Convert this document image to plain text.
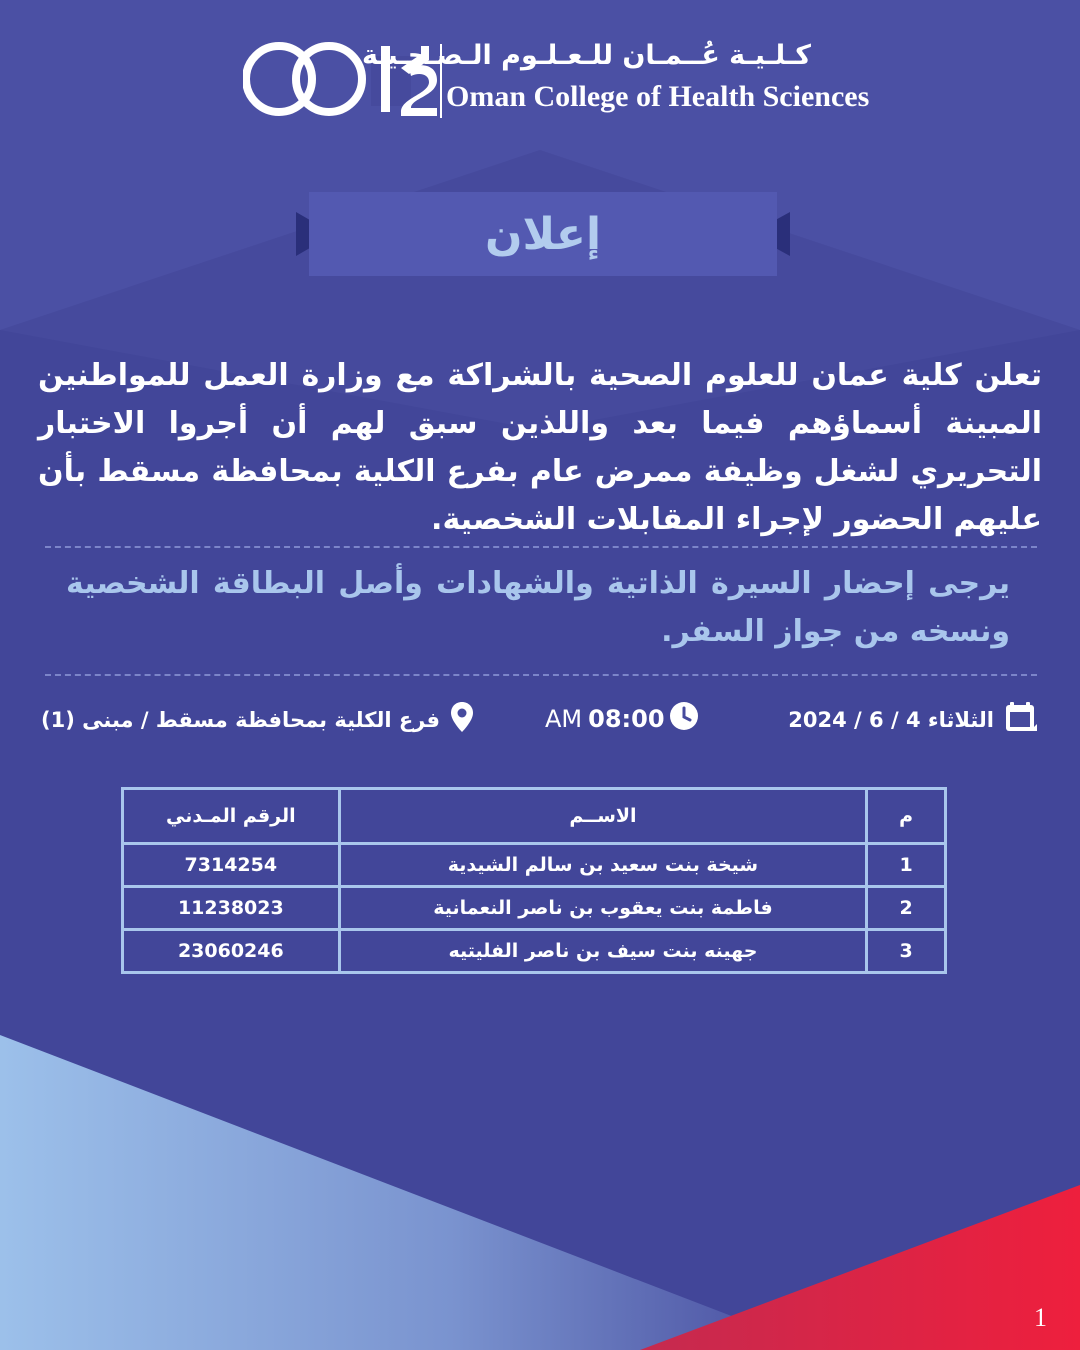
كـلـيـة عُــمـان للـعـلـوم الـصـحـيـة
Oman College of Health Sciences
إعلان
تعلن كلية عمان للعلوم الصحية بالشراكة مع وزارة العمل للمواطنين المبينة أسماؤهم فيما بعد واللذين سبق لهم أن أجروا الاختبار التحريري لشغل وظيفة ممرض عام بفرع الكلية بمحافظة مسقط بأن عليهم الحضور لإجراء المقابلات الشخصية.
يرجى إحضار السيرة الذاتية والشهادات وأصل البطاقة الشخصية ونسخه من جواز السفر.
الثلاثاء 4 / 6 / 2024
AM 08:00
فرع الكلية بمحافظة مسقط / مبنى (1)
م	الاســم	الرقم المـدني
1	شيخة بنت سعيد بن سالم الشيدية	7314254
2	فاطمة بنت يعقوب بن ناصر النعمانية	11238023
3	جهينه بنت سيف بن ناصر الفليتيه	23060246
1
